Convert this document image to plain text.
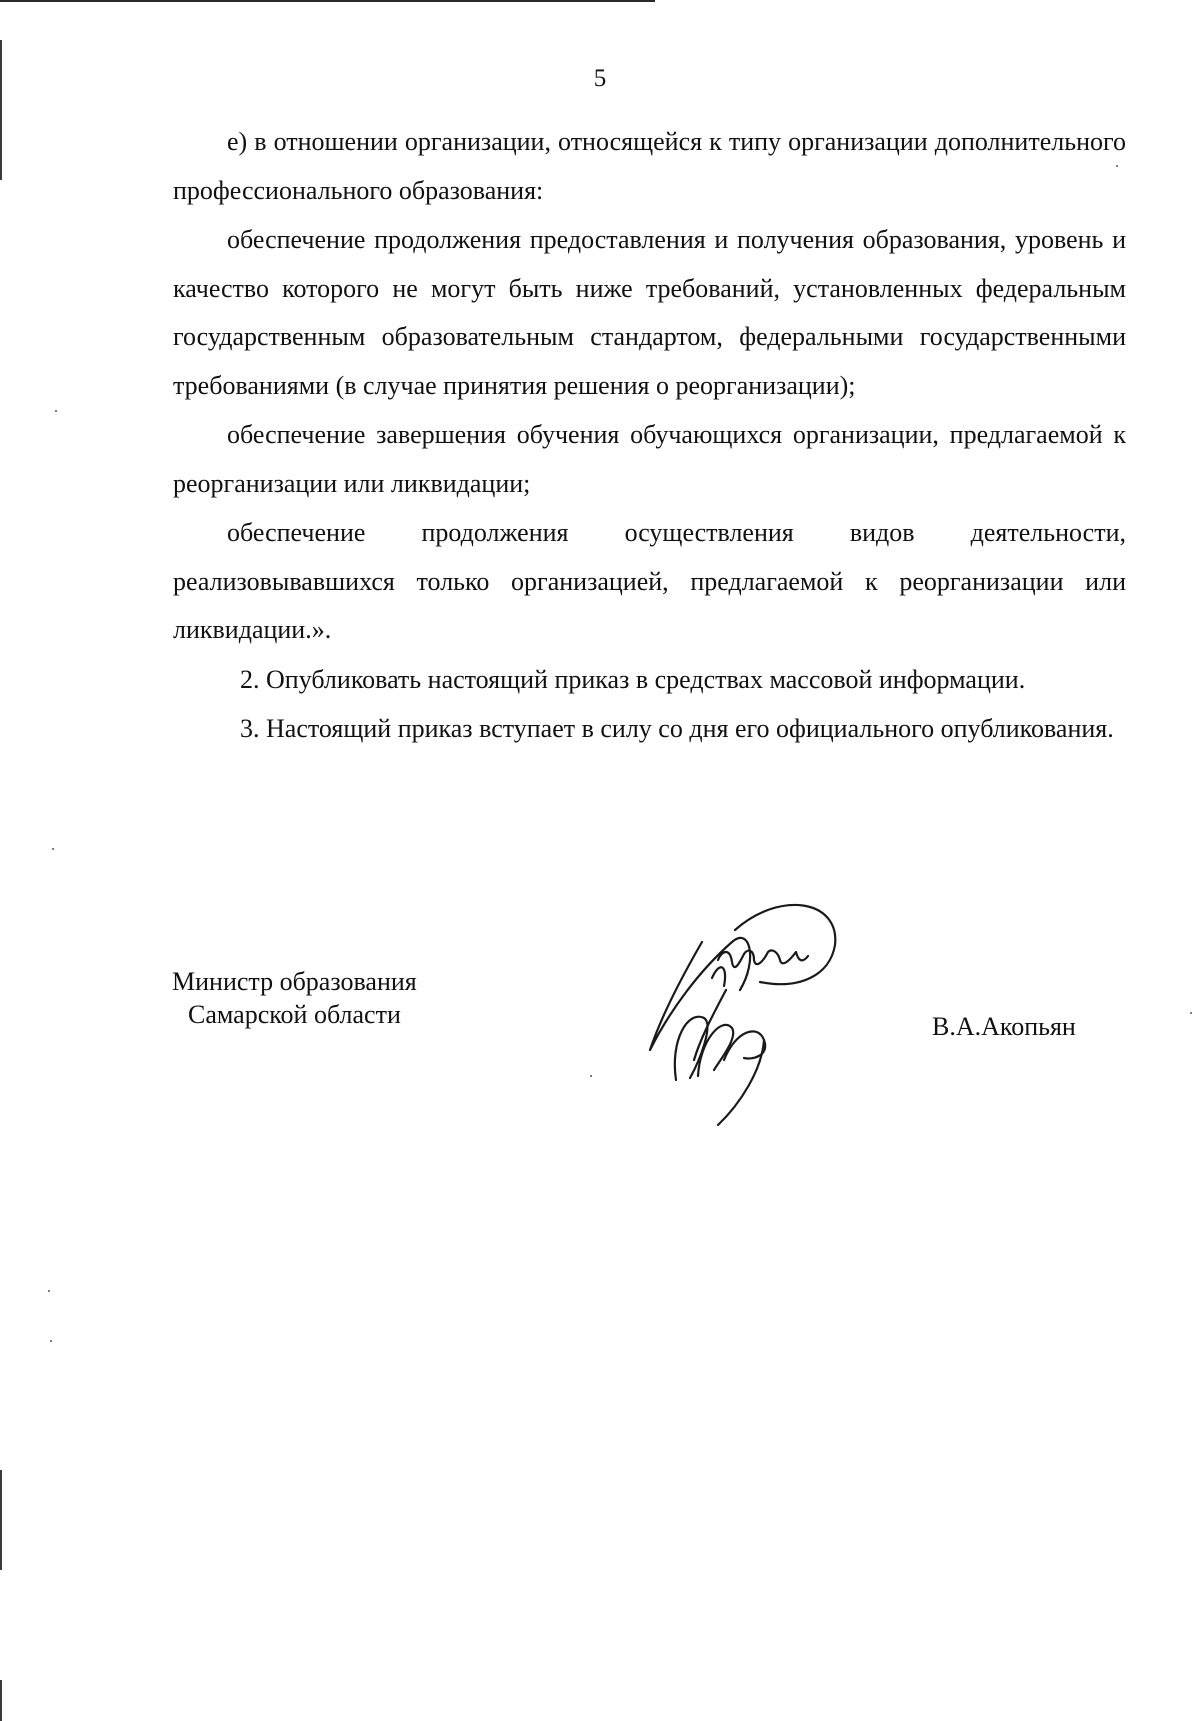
5

е) в отношении организации, относящейся к типу организации дополнительного профессионального образования:

обеспечение продолжения предоставления и получения образования, уровень и качество которого не могут быть ниже требований, установленных федеральным государственным образовательным стандартом, федеральными государственными требованиями (в случае принятия решения о реорганизации);

обеспечение завершения обучения обучающихся организации, предлагаемой к реорганизации или ликвидации;

обеспечение продолжения осуществления видов деятельности, реализовывавшихся только организацией, предлагаемой к реорганизации или ликвидации.».

2. Опубликовать настоящий приказ в средствах массовой информации.

3. Настоящий приказ вступает в силу со дня его официального опубликования.

Министр образования
Самарской области	В.А.Акопьян
